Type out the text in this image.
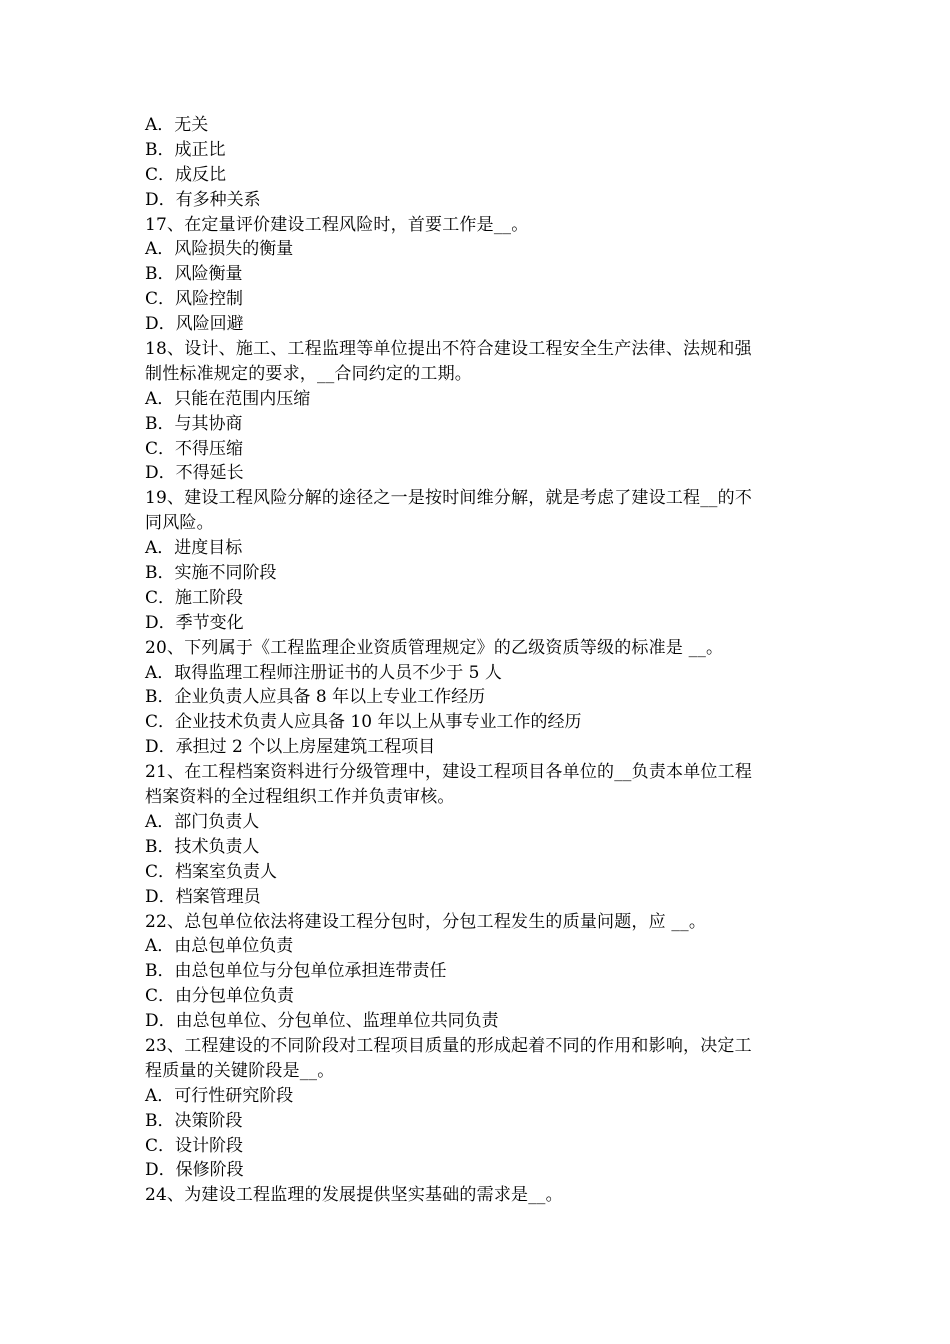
A．无关
B．成正比
C．成反比
D．有多种关系
17、在定量评价建设工程风险时，首要工作是__。
A．风险损失的衡量
B．风险衡量
C．风险控制
D．风险回避
18、设计、施工、工程监理等单位提出不符合建设工程安全生产法律、法规和强
制性标准规定的要求，__合同约定的工期。
A．只能在范围内压缩
B．与其协商
C．不得压缩
D．不得延长
19、建设工程风险分解的途径之一是按时间维分解，就是考虑了建设工程__的不
同风险。
A．进度目标
B．实施不同阶段
C．施工阶段
D．季节变化
20、下列属于《工程监理企业资质管理规定》的乙级资质等级的标准是 __。
A．取得监理工程师注册证书的人员不少于 5 人
B．企业负责人应具备 8 年以上专业工作经历
C．企业技术负责人应具备 10 年以上从事专业工作的经历
D．承担过 2 个以上房屋建筑工程项目
21、在工程档案资料进行分级管理中，建设工程项目各单位的__负责本单位工程
档案资料的全过程组织工作并负责审核。
A．部门负责人
B．技术负责人
C．档案室负责人
D．档案管理员
22、总包单位依法将建设工程分包时，分包工程发生的质量问题，应 __。
A．由总包单位负责
B．由总包单位与分包单位承担连带责任
C．由分包单位负责
D．由总包单位、分包单位、监理单位共同负责
23、工程建设的不同阶段对工程项目质量的形成起着不同的作用和影响，决定工
程质量的关键阶段是__。
A．可行性研究阶段
B．决策阶段
C．设计阶段
D．保修阶段
24、为建设工程监理的发展提供坚实基础的需求是__。
